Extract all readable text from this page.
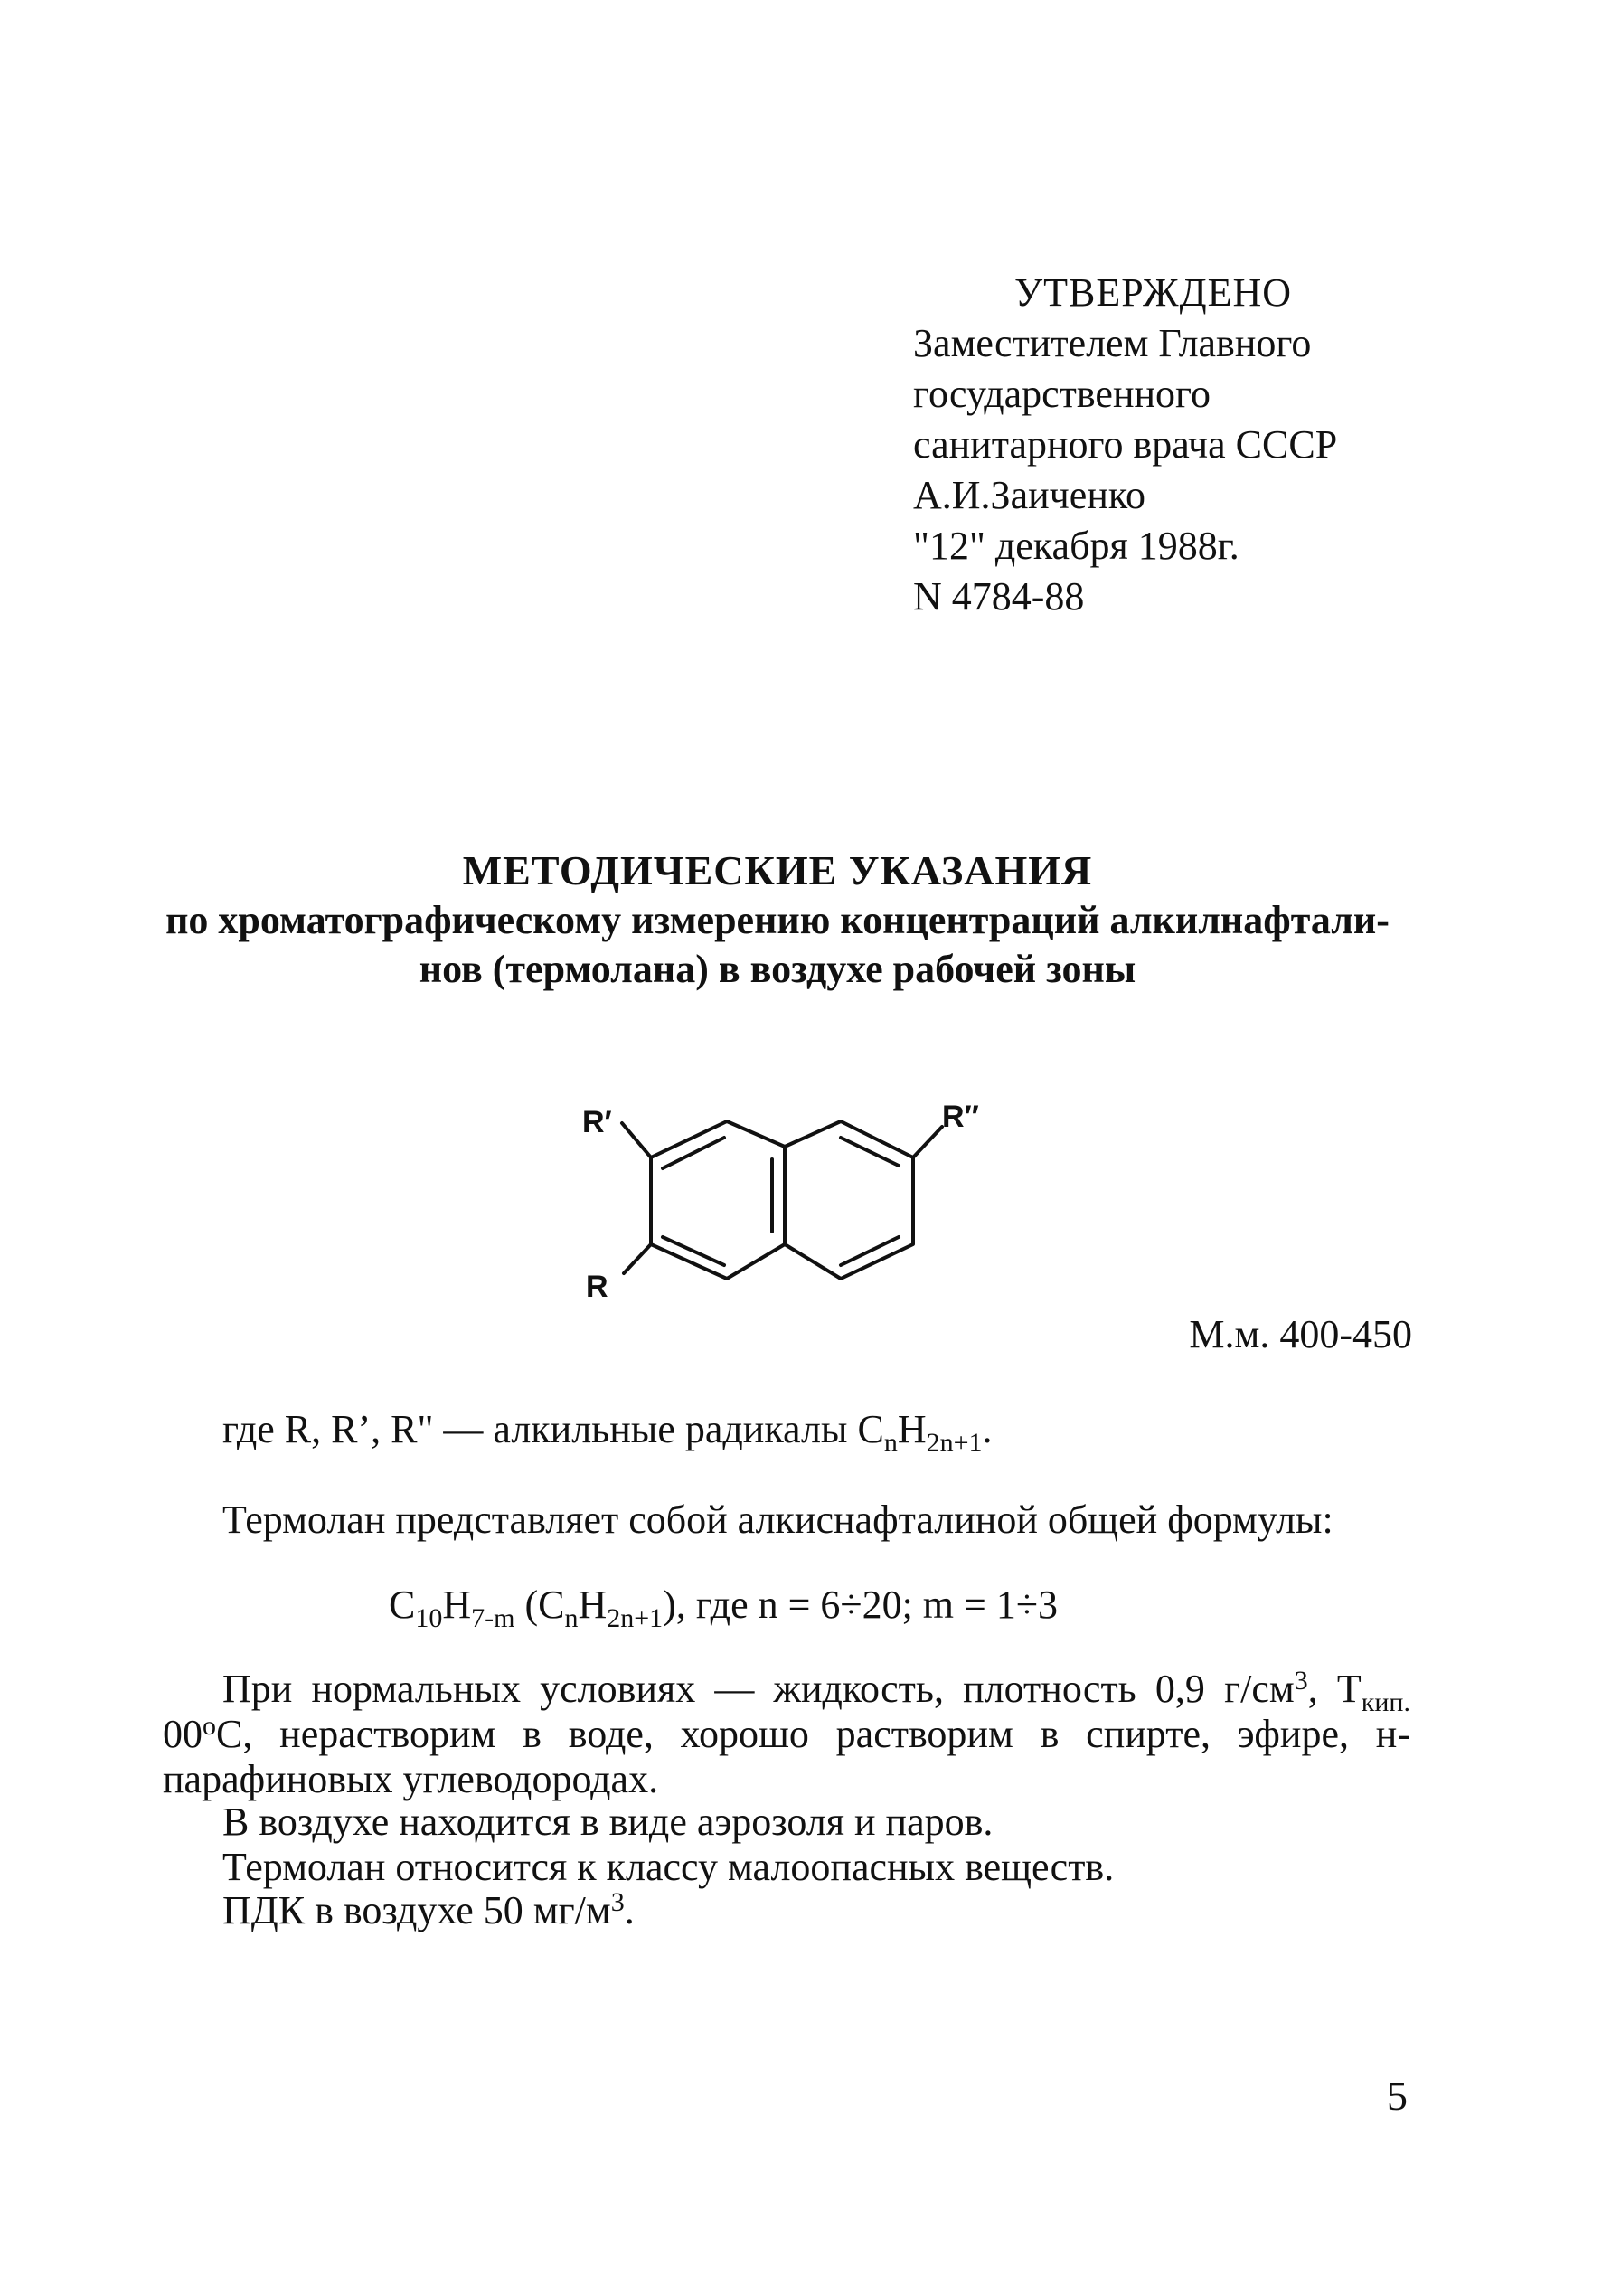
УТВЕРЖДЕНО
Заместителем Главного
государственного
санитарного врача СССР
А.И.Заиченко
"12" декабря 1988г.
N 4784-88
МЕТОДИЧЕСКИЕ УКАЗАНИЯ
по хроматографическому измерению концентраций алкилнафтали-
нов (термолана) в воздухе рабочей зоны
R′	R″
R
М.м. 400-450
где R, R’, R" — алкильные радикалы $C_nH_{2n+1}$.
Термолан представляет собой алкиснафталиной общей формулы:
$C_{10}H_{7-m}$ $(C_nH_{2n+1})$, где n = 6÷20; m = 1÷3
При нормальных условиях — жидкость, плотность 0,9 $г/см^3$, $T_{кип.}$ $00^оС$, нерастворим в воде, хорошо растворим в спирте, эфире, н-парафиновых углеводородах.
В воздухе находится в виде аэрозоля и паров.
Термолан относится к классу малоопасных веществ.
ПДК в воздухе 50 $мг/м^3$.
5
